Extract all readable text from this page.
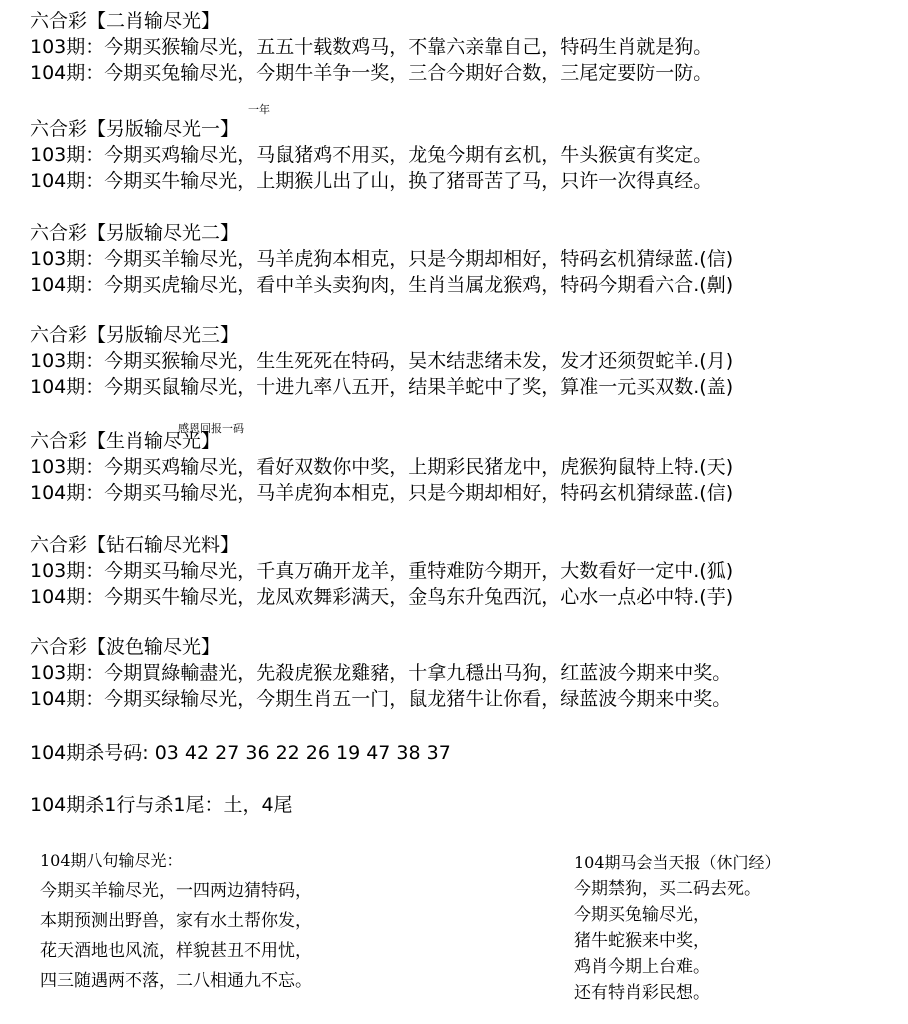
六合彩【二肖输尽光】
103期：今期买猴输尽光，五五十载数鸡马，不靠六亲靠自己，特码生肖就是狗。
104期：今期买兔输尽光，今期牛羊争一奖，三合今期好合数，三尾定要防一防。
六合彩【另版输尽光一】
103期：今期买鸡输尽光，马鼠猪鸡不用买，龙兔今期有玄机，牛头猴寅有奖定。
104期：今期买牛输尽光，上期猴儿出了山，换了猪哥苦了马，只许一次得真经。
一年
六合彩【另版输尽光二】
103期：今期买羊输尽光，马羊虎狗本相克，只是今期却相好，特码玄机猜绿蓝.(信)
104期：今期买虎输尽光，看中羊头卖狗肉，生肖当属龙猴鸡，特码今期看六合.(劓)
六合彩【另版输尽光三】
103期：今期买猴输尽光，生生死死在特码，吴木结悲绪未发，发才还须贺蛇羊.(月)
104期：今期买鼠输尽光，十进九率八五开，结果羊蛇中了奖，算准一元买双数.(盖)
六合彩【生肖输尽光】
103期：今期买鸡输尽光，看好双数你中奖，上期彩民猪龙中，虎猴狗鼠特上特.(天)
104期：今期买马输尽光，马羊虎狗本相克，只是今期却相好，特码玄机猜绿蓝.(信)
感恩回报一码
六合彩【钻石输尽光料】
103期：今期买马输尽光，千真万确开龙羊，重特难防今期开，大数看好一定中.(狐)
104期：今期买牛输尽光，龙凤欢舞彩满天，金鸟东升兔西沉，心水一点必中特.(芋)
六合彩【波色输尽光】
103期：今期買綠輸盡光，先殺虎猴龙雞豬，十拿九穩出马狗，红蓝波今期来中奖。
104期：今期买绿输尽光，今期生肖五一门，鼠龙猪牛让你看，绿蓝波今期来中奖。
104期杀号码: 03 42 27 36 22 26 19 47 38 37
104期杀1行与杀1尾：土，4尾
104期八句输尽光：
今期买羊输尽光，一四两边猜特码，
本期预测出野兽，家有水土帮你发，
花天酒地也风流，样貌甚丑不用忧，
四三随遇两不落，二八相通九不忘。
104期马会当天报（休门经）
今期禁狗，买二码去死。
今期买兔输尽光，
猪牛蛇猴来中奖，
鸡肖今期上台难。
还有特肖彩民想。
